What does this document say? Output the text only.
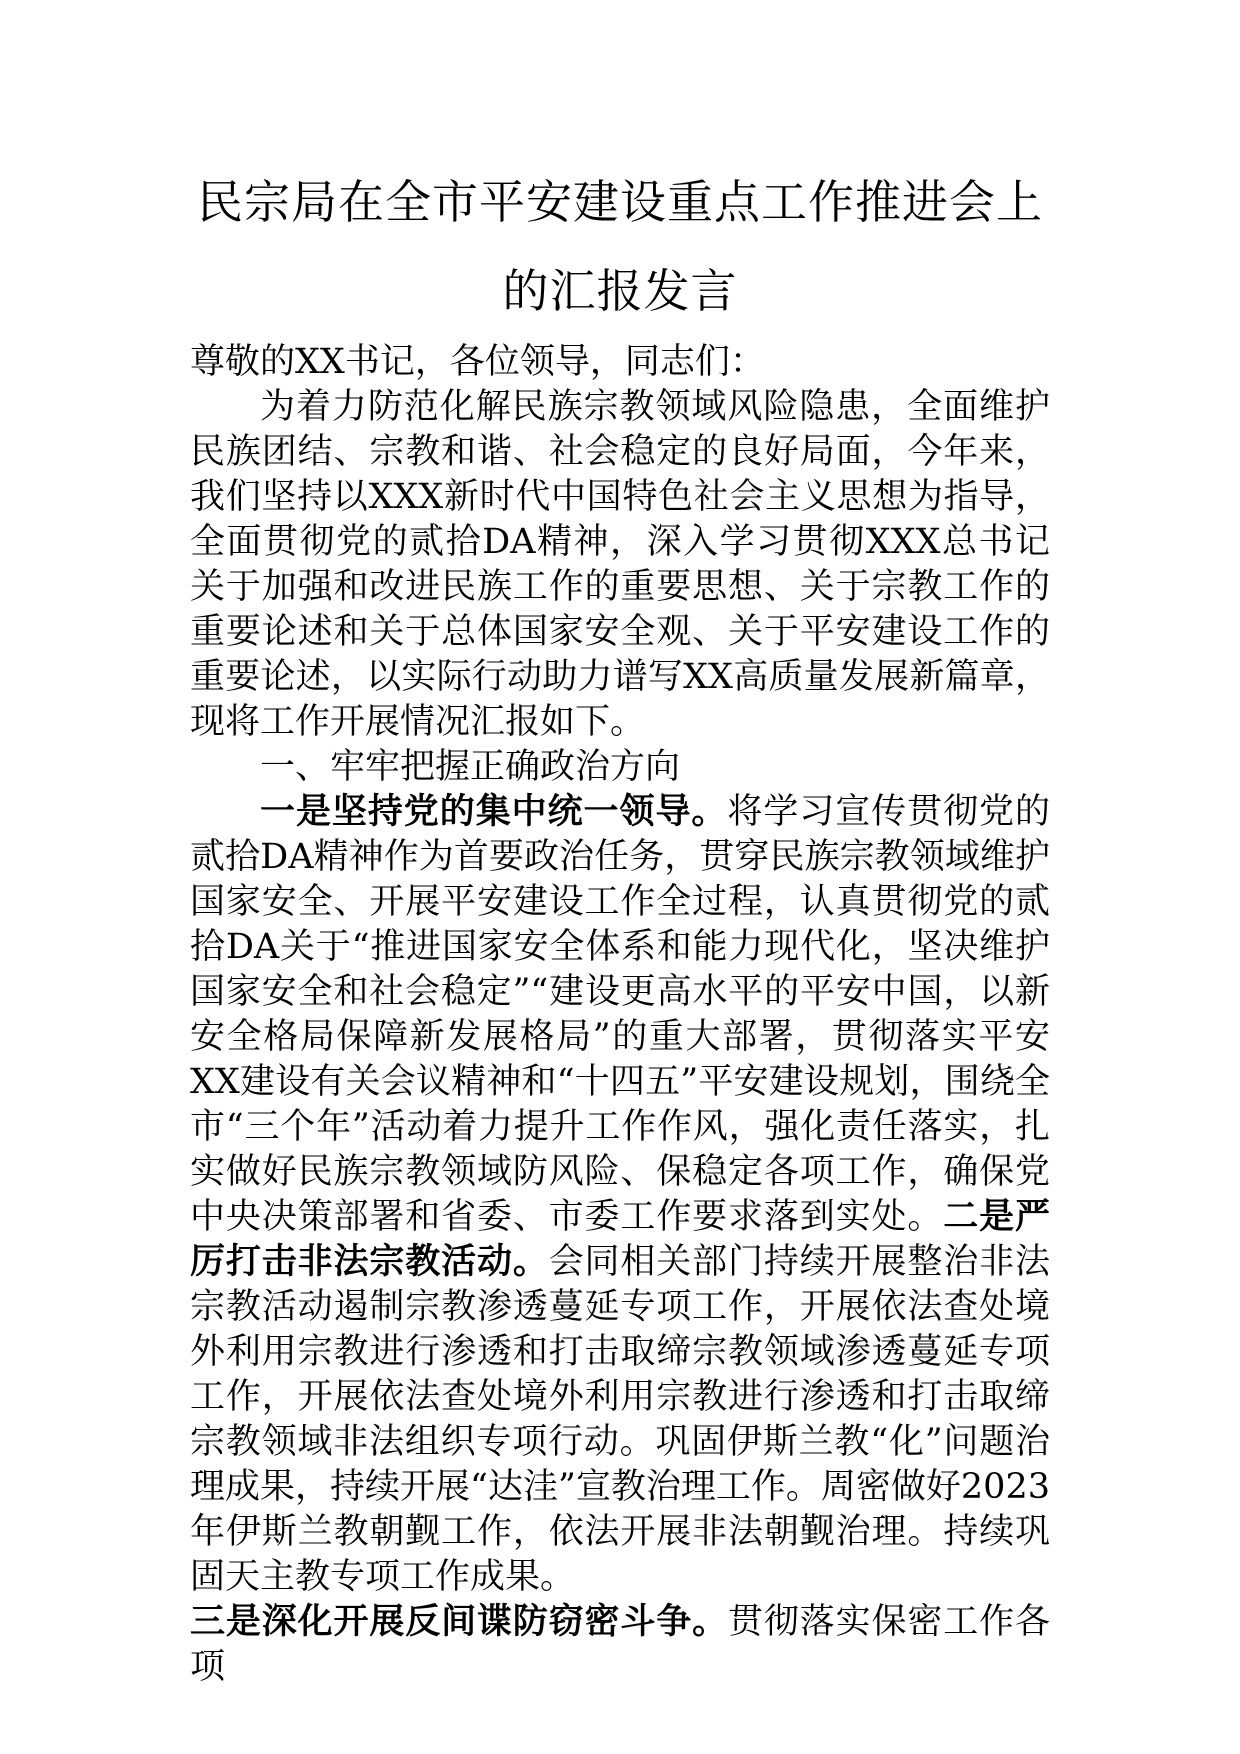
民宗局在全市平安建设重点工作推进会上
的汇报发言

尊敬的XX书记，各位领导，同志们：

为着力防范化解民族宗教领域风险隐患，全面维护民族团结、宗教和谐、社会稳定的良好局面，今年来，我们坚持以XXX新时代中国特色社会主义思想为指导，全面贯彻党的贰拾DA精神，深入学习贯彻XXX总书记关于加强和改进民族工作的重要思想、关于宗教工作的重要论述和关于总体国家安全观、关于平安建设工作的重要论述，以实际行动助力谱写XX高质量发展新篇章，现将工作开展情况汇报如下。

一、牢牢把握正确政治方向

一是坚持党的集中统一领导。将学习宣传贯彻党的贰拾DA精神作为首要政治任务，贯穿民族宗教领域维护国家安全、开展平安建设工作全过程，认真贯彻党的贰拾DA关于“推进国家安全体系和能力现代化，坚决维护国家安全和社会稳定”“建设更高水平的平安中国，以新安全格局保障新发展格局”的重大部署，贯彻落实平安XX建设有关会议精神和“十四五”平安建设规划，围绕全市“三个年”活动着力提升工作作风，强化责任落实，扎实做好民族宗教领域防风险、保稳定各项工作，确保党中央决策部署和省委、市委工作要求落到实处。二是严厉打击非法宗教活动。会同相关部门持续开展整治非法宗教活动遏制宗教渗透蔓延专项工作，开展依法查处境外利用宗教进行渗透和打击取缔宗教领域渗透蔓延专项工作，开展依法查处境外利用宗教进行渗透和打击取缔宗教领域非法组织专项行动。巩固伊斯兰教“化”问题治理成果，持续开展“达洼”宣教治理工作。周密做好2023年伊斯兰教朝觐工作，依法开展非法朝觐治理。持续巩固天主教专项工作成果。

三是深化开展反间谍防窃密斗争。贯彻落实保密工作各项
